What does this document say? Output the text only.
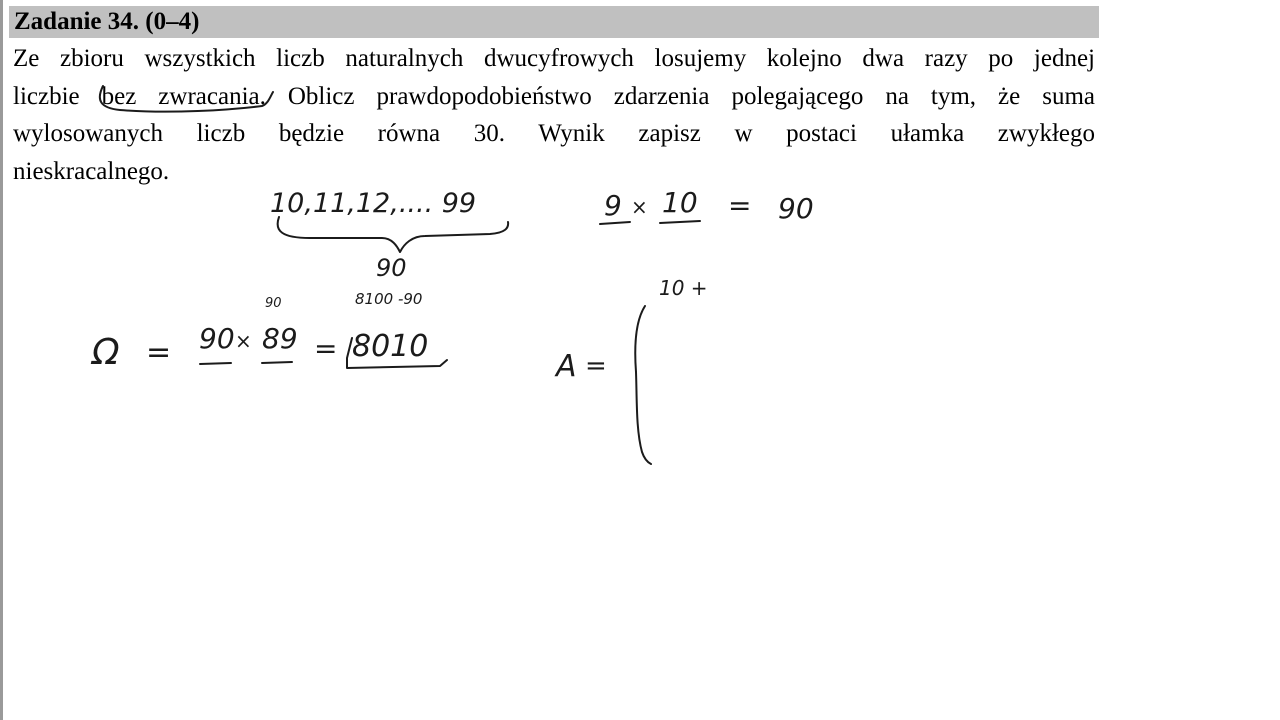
Zadanie 34. (0–4)
Ze zbioru wszystkich liczb naturalnych dwucyfrowych losujemy kolejno dwa razy po jednej
liczbie bez zwracania. Oblicz prawdopodobieństwo zdarzenia polegającego na tym, że suma
wylosowanych liczb będzie równa 30. Wynik zapisz w postaci ułamka zwykłego
nieskracalnego.
10,11,12,.... 99
90
9 × 10 = 90
90	8100 -90
Ω = 90 × 89 = 8010
A =
10 +
